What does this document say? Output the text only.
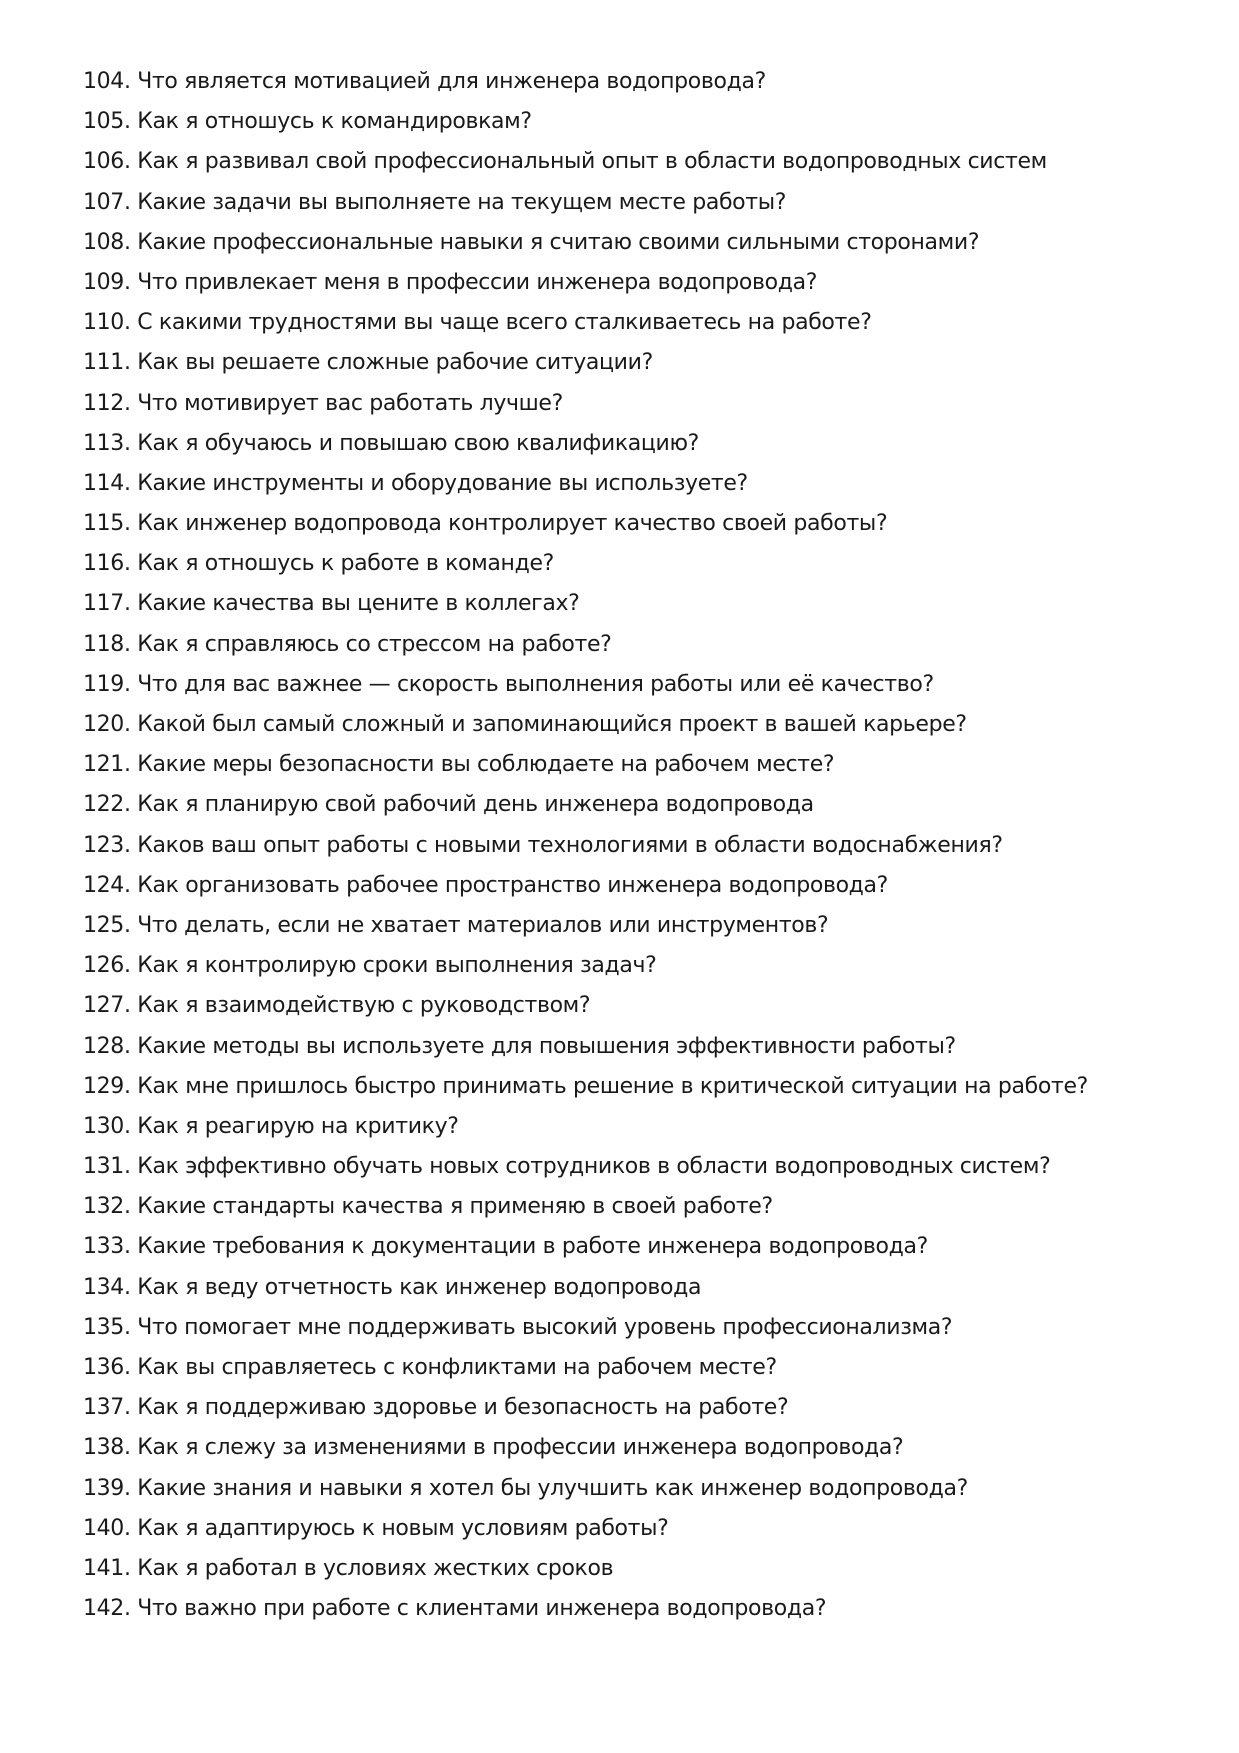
104. Что является мотивацией для инженера водопровода?
105. Как я отношусь к командировкам?
106. Как я развивал свой профессиональный опыт в области водопроводных систем
107. Какие задачи вы выполняете на текущем месте работы?
108. Какие профессиональные навыки я считаю своими сильными сторонами?
109. Что привлекает меня в профессии инженера водопровода?
110. С какими трудностями вы чаще всего сталкиваетесь на работе?
111. Как вы решаете сложные рабочие ситуации?
112. Что мотивирует вас работать лучше?
113. Как я обучаюсь и повышаю свою квалификацию?
114. Какие инструменты и оборудование вы используете?
115. Как инженер водопровода контролирует качество своей работы?
116. Как я отношусь к работе в команде?
117. Какие качества вы цените в коллегах?
118. Как я справляюсь со стрессом на работе?
119. Что для вас важнее — скорость выполнения работы или её качество?
120. Какой был самый сложный и запоминающийся проект в вашей карьере?
121. Какие меры безопасности вы соблюдаете на рабочем месте?
122. Как я планирую свой рабочий день инженера водопровода
123. Каков ваш опыт работы с новыми технологиями в области водоснабжения?
124. Как организовать рабочее пространство инженера водопровода?
125. Что делать, если не хватает материалов или инструментов?
126. Как я контролирую сроки выполнения задач?
127. Как я взаимодействую с руководством?
128. Какие методы вы используете для повышения эффективности работы?
129. Как мне пришлось быстро принимать решение в критической ситуации на работе?
130. Как я реагирую на критику?
131. Как эффективно обучать новых сотрудников в области водопроводных систем?
132. Какие стандарты качества я применяю в своей работе?
133. Какие требования к документации в работе инженера водопровода?
134. Как я веду отчетность как инженер водопровода
135. Что помогает мне поддерживать высокий уровень профессионализма?
136. Как вы справляетесь с конфликтами на рабочем месте?
137. Как я поддерживаю здоровье и безопасность на работе?
138. Как я слежу за изменениями в профессии инженера водопровода?
139. Какие знания и навыки я хотел бы улучшить как инженер водопровода?
140. Как я адаптируюсь к новым условиям работы?
141. Как я работал в условиях жестких сроков
142. Что важно при работе с клиентами инженера водопровода?
